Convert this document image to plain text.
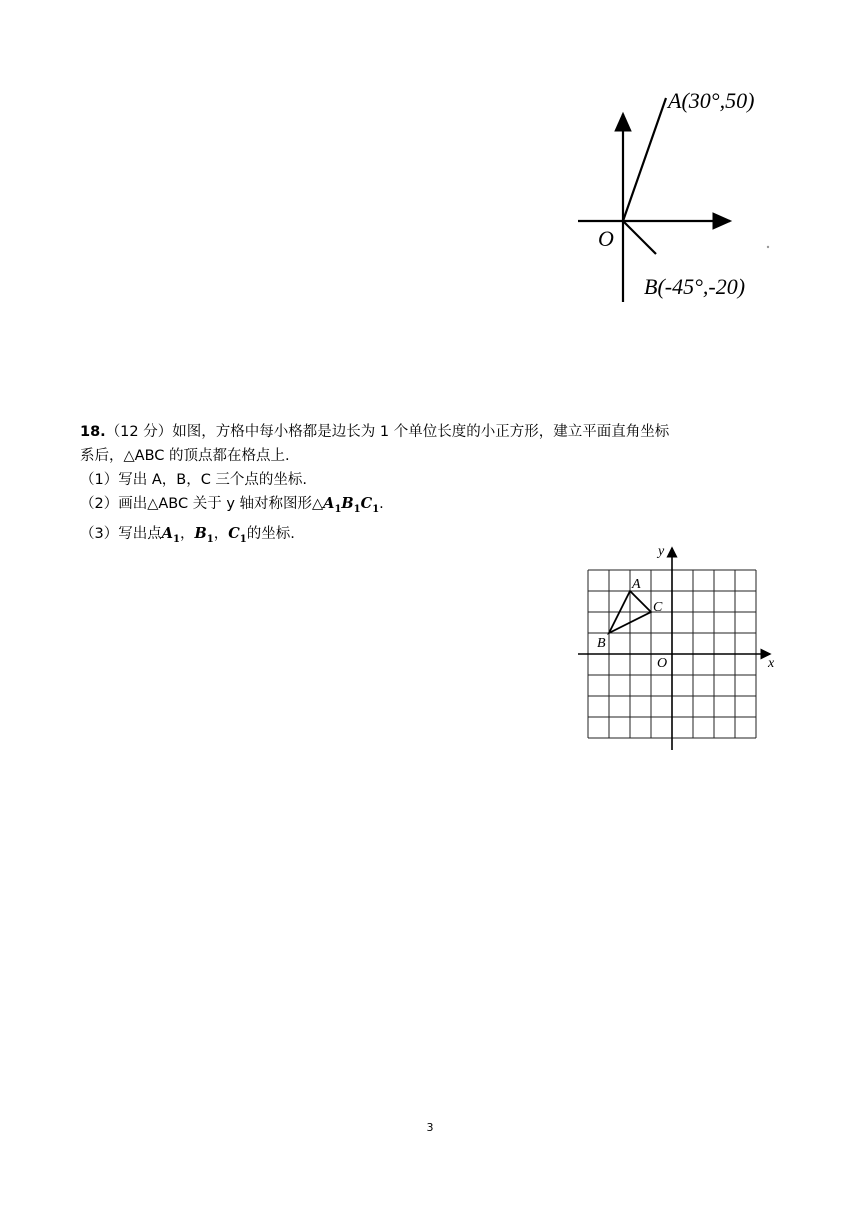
A(30°,50)
O
B(-45°,-20)

18.（12 分）如图，方格中每小格都是边长为 1 个单位长度的小正方形，建立平面直角坐标

系后，△ABC 的顶点都在格点上.

（1）写出 A，B，C 三个点的坐标.

（2）画出△ABC 关于 y 轴对称图形$\triangle A_1B_1C_1$.

（3）写出点$A_1$，$B_1$，$C_1$的坐标.

x
y
O
A
B
C
3
